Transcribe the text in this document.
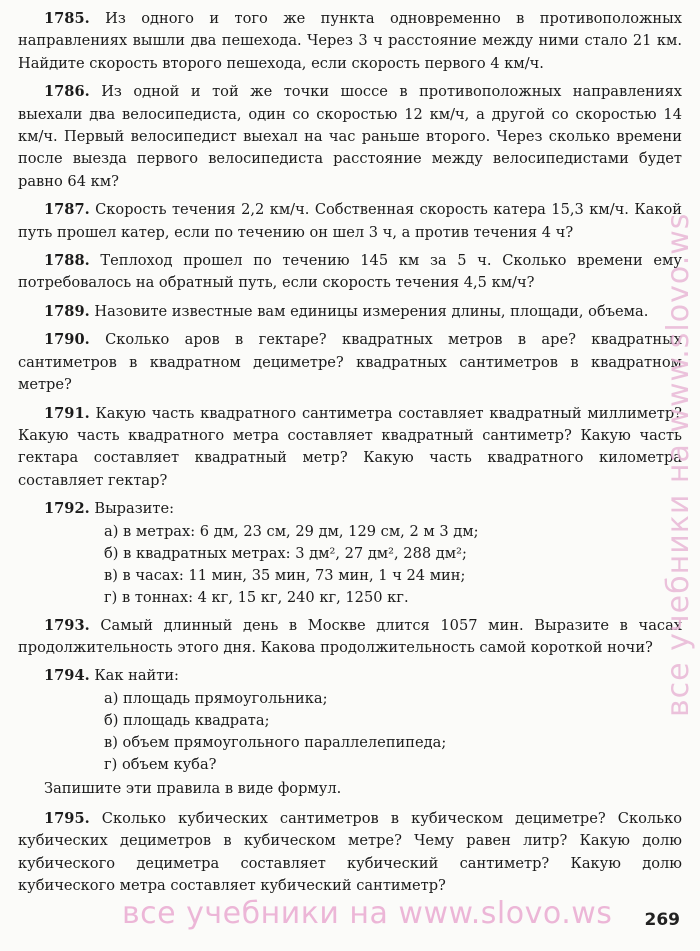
1785. Из одного и того же пункта одновременно в противоположных направлениях вышли два пешехода. Через 3 ч расстояние между ними стало 21 км. Найдите скорость второго пешехода, если скорость первого 4 км/ч.

1786. Из одной и той же точки шоссе в противоположных направлениях выехали два велосипедиста, один со скоростью 12 км/ч, а другой со скоростью 14 км/ч. Первый велосипедист выехал на час раньше второго. Через сколько времени после выезда первого велосипедиста расстояние между велосипедистами будет равно 64 км?

1787. Скорость течения 2,2 км/ч. Собственная скорость катера 15,3 км/ч. Какой путь прошел катер, если по течению он шел 3 ч, а против течения 4 ч?

1788. Теплоход прошел по течению 145 км за 5 ч. Сколько времени ему потребовалось на обратный путь, если скорость течения 4,5 км/ч?

1789. Назовите известные вам единицы измерения длины, площади, объема.

1790. Сколько аров в гектаре? квадратных метров в аре? квадратных сантиметров в квадратном дециметре? квадратных сантиметров в квадратном метре?

1791. Какую часть квадратного сантиметра составляет квадратный миллиметр? Какую часть квадратного метра составляет квадратный сантиметр? Какую часть гектара составляет квадратный метр? Какую часть квадратного километра составляет гектар?

1792. Выразите:

а) в метрах: 6 дм, 23 см, 29 дм, 129 см, 2 м 3 дм;
б) в квадратных метрах: 3 дм², 27 дм², 288 дм²;
в) в часах: 11 мин, 35 мин, 73 мин, 1 ч 24 мин;
г) в тоннах: 4 кг, 15 кг, 240 кг, 1250 кг.

1793. Самый длинный день в Москве длится 1057 мин. Выразите в часах продолжительность этого дня. Какова продолжительность самой короткой ночи?

1794. Как найти:

а) площадь прямоугольника;
б) площадь квадрата;
в) объем прямоугольного параллелепипеда;
г) объем куба?
Запишите эти правила в виде формул.

1795. Сколько кубических сантиметров в кубическом дециметре? Сколько кубических дециметров в кубическом метре? Чему равен литр? Какую долю кубического дециметра составляет кубический сантиметр? Какую долю кубического метра составляет кубический сантиметр?

все учебники на www.slovo.ws
все учебники на www.slovo.ws 269
